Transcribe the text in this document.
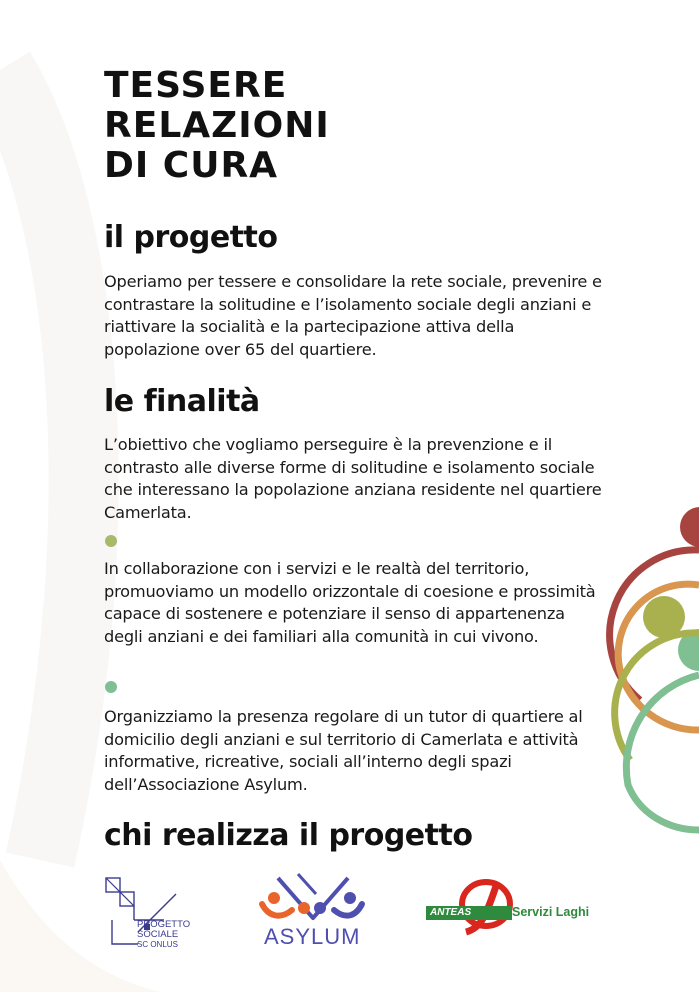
TESSERE
RELAZIONI
DI CURA
il progetto

Operiamo per tessere e consolidare la rete sociale, prevenire e contrastare la solitudine e l’isolamento sociale degli anziani e riattivare la socialità e la partecipazione attiva della popolazione over 65 del quartiere.

le finalità

L’obiettivo che vogliamo perseguire è la prevenzione e il contrasto alle diverse forme di solitudine e isolamento sociale che interessano la popolazione anziana residente nel quartiere Camerlata.

In collaborazione con i servizi e le realtà del territorio, promuoviamo un modello orizzontale di coesione e prossimità capace di sostenere e potenziare il senso di appartenenza degli anziani e dei familiari alla comunità in cui vivono.

Organizziamo la presenza regolare di un tutor di quartiere al domicilio degli anziani e sul territorio di Camerlata e attività informative, ricreative, sociali all’interno degli spazi dell’Associazione Asylum.

chi realizza il progetto
PROGETTO
SOCIALE
SC ONLUS	ASYLUM
ANTEAS	Servizi Laghi
